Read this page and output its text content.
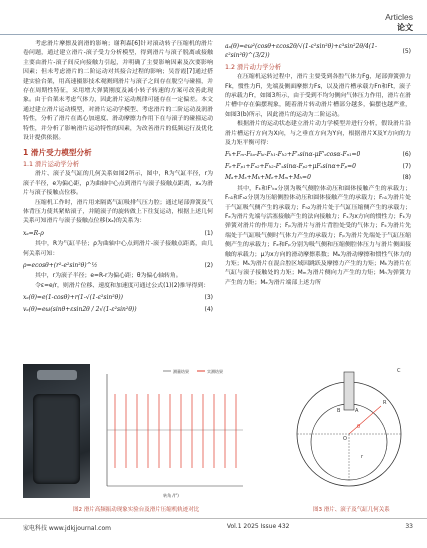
Articles
论文

考虑滑片摩擦及润滑的影响；谢利森[6]针对滚动转子压缩机的滑片卷问题，通过建立滑片-滚子受力分析模型，得到滑片与滚子脱离或接触主要由滑片-滚子间反向接触力引起，并明确了主要影响因素及次要影响因素；但未考虑滑片的二阶运动对其接合过程的影响；吴晋霞[7]通过搭建实验台架，用高速摄影技术观测到滑片与滚子之间存在脱空与碰撞，并存在周期性特征，采用增大弹簧刚度及减小转子转速的方案可改善此现象。由于台架未考虑气体力，因此滑片运动规律可能存在一定偏差。本文通过建立滑片运动模型，对滑片运动学模型、考虑滑片的二阶运动及润滑特性，分析了滑片在离心加速度、滑动摩擦力作用下在与滚子的碰撞运动特性，并分析了影响滑片运动特性的因素，为改善滑片的低频运行及优化设计提供依据。

1 滑片受力模型分析
1.1 滑片运动学分析

滑片、滚子及气缸的几何关系如图2所示，图中，R为气缸半径，r为滚子半径，e为偏心距，ρ为曲轴中心点到滑片与滚子接触点距离，xₐ为滑片与滚子接触点位移。

压缩机工作时，滑片用来隔离气缸吸排气压力腔；通过尾部弹簧及气体背压力使其紧贴滚子，并随滚子的旋转做上下往复运动，根据上述几何关系可知滑片与滚子接触点位移(xₐ)的关系为：

xₐ=R-ρ	(1)

其中，R为气缸半径；ρ为曲轴中心点到滑片-滚子接触点距离，由几何关系可知：

ρ=ecosθ+(r²-e²sin²θ)^½	(2)

其中，r为滚子半径；e=R-r为偏心距；θ为偏心轴转角。

令ε=e/r，则滑片位移、速度和加速度可通过公式(1)(2)推导得到：

xₐ(θ)=e(1-cosθ)+r(1-√(1-ε²sin²θ))	(3)
vₐ(θ)=eω(sinθ+εsin2θ / 2√(1-ε²sin²θ))	(4)
aₐ(θ)=eω²(cosθ+εcos2θ/√(1-ε²sin²θ)+ε³sin²2θ/4(1-ε²sin²θ)^(3/2))
(5)
1.2 滑片动力学分析

在压缩机运转过程中，滑片主要受到各腔气体力Fg，尾部弹簧弹力Fk，惯性力Fi，先端及侧面摩擦力Fs，以及滑片槽承载力Fn和Ft，滚子的承载力Fr，如图3所示，由于受到不均匀侧向气体压力作用，滑片在滑片槽中存在偏摆现象，随着滑片转动滑片槽部分越多，偏摆也越严重，如图3(b)所示，因此滑片的运动为二阶运动。

根据滑片的运动状态建立滑片动力学模型并进行分析，假设滑片沿滑片槽运行方向为X向，与之垂直方向为Y向，根据滑片X及Y方向的力及力矩平衡可得：

Fₖ+Fₘ-Fₖₐ-Fₖᵢ-Fₕ₁-Fₕ₂+F'ₛsinα-μF'ₛcosα-Fₙ₁=0	(6)
Fₑ+Fₚ₁+Fₙ₂+Fₕ₂-F'ₛsinα-Fₚ₂+μFₛsinα+Fₚ=0	(7)
Mₐ+Mₛ+Mₖ+Mₑ+Mₘ+Mₕ=0	(8)

其中，Fₖ和F'ₖₐ分别为吸气侧腔体动压和圆体接触产生的承载力；Fₙ₁和Fₙ₂分别为压缩侧腔体动压和圆体接触产生的承载力；Fₙ₁为滑片处于气缸吸气侧产生的承载力；Fₕ₂为滑片处于气缸压缩侧产生的承载力；Fₑ为滑片先端与活塞接触产生的法向接触力；Fₛ为x方向的惯性力；Fₖ为弹簧对滑片的作用力；Fₚ为滑片与滑片背腔处受的气体力；Fₖ为滑片先端处于气缸吸气侧时气体力产生的承载力；Fₚ为滑片先端处于气缸压缩侧产生的承载力；Fₑ和Fₚ分别为吸气侧和压缩侧腔体压力与滑片侧面接触的承载力；μ为x方向的滑动摩擦系数；Mₐ为滑动摩擦和惯性气体力的力矩；Mₛ为滑片在混合腔区域因跳跃及摩擦力产生的力矩；Mₖ为滑片在气缸与滚子接触处的力矩；Mₘ为滑片侧向力产生的力矩；Mₕ为弹簧力产生的力矩；Mₑ为滑片端部上述力所

测量结果	实测结果
转角 /(°)
图2 滑片高频振动现象实验台及滑片压缩机轨迹对比
C
A
B
O
R
r
θ
图3 滑片、滚子及气缸几何关系
家电科技 www.jdkjjournal.com	Vol.1 2025 Issue 432	33
